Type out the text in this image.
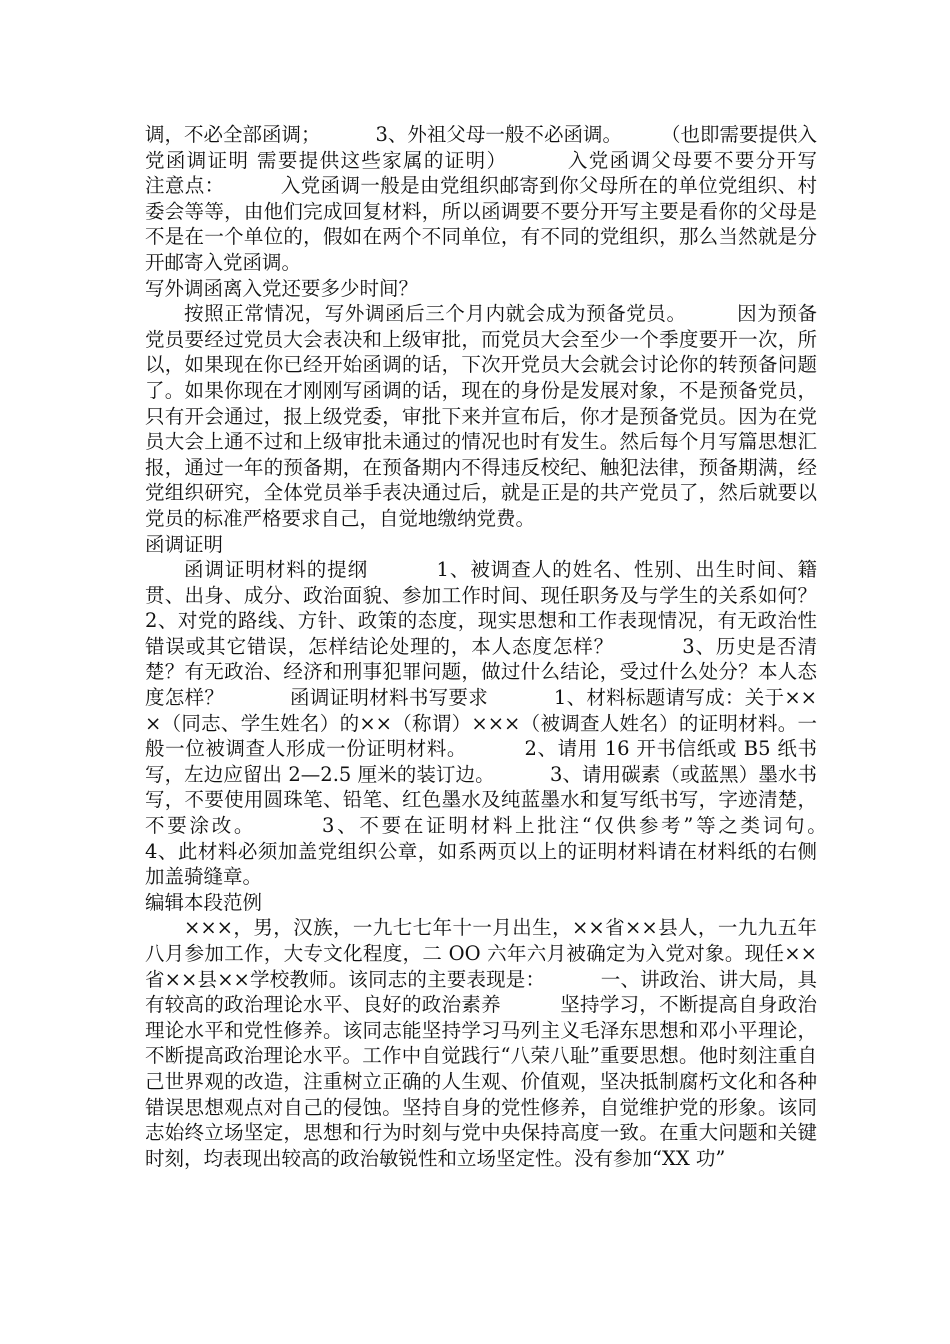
调，不必全部函调；　　　 3、外祖父母一般不必函调。　　　（也即需要提供入党函调证明 需要提供这些家属的证明）　　　 入党函调父母要不要分开写　　　注意点：　　　 入党函调一般是由党组织邮寄到你父母所在的单位党组织、村委会等等，由他们完成回复材料，所以函调要不要分开写主要是看你的父母是不是在一个单位的，假如在两个不同单位，有不同的党组织，那么当然就是分开邮寄入党函调。

写外调函离入党还要多少时间？

按照正常情况，写外调函后三个月内就会成为预备党员。　　　因为预备党员要经过党员大会表决和上级审批，而党员大会至少一个季度要开一次，所以，如果现在你已经开始函调的话，下次开党员大会就会讨论你的转预备问题了。如果你现在才刚刚写函调的话，现在的身份是发展对象，不是预备党员，只有开会通过，报上级党委，审批下来并宣布后，你才是预备党员。因为在党员大会上通不过和上级审批未通过的情况也时有发生。然后每个月写篇思想汇报，通过一年的预备期，在预备期内不得违反校纪、触犯法律，预备期满，经党组织研究，全体党员举手表决通过后，就是正是的共产党员了，然后就要以党员的标准严格要求自己，自觉地缴纳党费。

函调证明

函调证明材料的提纲　　　 1、被调查人的姓名、性别、出生时间、籍贯、出身、成分、政治面貌、参加工作时间、现任职务及与学生的关系如何？　　　 2、对党的路线、方针、政策的态度，现实思想和工作表现情况，有无政治性错误或其它错误，怎样结论处理的，本人态度怎样？　　　 3、历史是否清楚？有无政治、经济和刑事犯罪问题，做过什么结论，受过什么处分？本人态度怎样？　　　 函调证明材料书写要求　　　 1、材料标题请写成：关于×××（同志、学生姓名）的××（称谓）×××（被调查人姓名）的证明材料。一般一位被调查人形成一份证明材料。　　　 2、请用 16 开书信纸或 B5 纸书写，左边应留出 2—2.5 厘米的装订边。　　　 3、请用碳素（或蓝黑）墨水书写，不要使用圆珠笔、铅笔、红色墨水及纯蓝墨水和复写纸书写，字迹清楚，不要涂改。　　　 3、不要在证明材料上批注“仅供参考”等之类词句。　　　 4、此材料必须加盖党组织公章，如系两页以上的证明材料请在材料纸的右侧加盖骑缝章。

编辑本段范例

×××，男，汉族，一九七七年十一月出生，××省××县人，一九九五年八月参加工作，大专文化程度，二 OO 六年六月被确定为入党对象。现任××省××县××学校教师。该同志的主要表现是：　　　 一、讲政治、讲大局，具有较高的政治理论水平、良好的政治素养　　　坚持学习，不断提高自身政治理论水平和党性修养。该同志能坚持学习马列主义毛泽东思想和邓小平理论，不断提高政治理论水平。工作中自觉践行“八荣八耻”重要思想。他时刻注重自己世界观的改造，注重树立正确的人生观、价值观，坚决抵制腐朽文化和各种错误思想观点对自己的侵蚀。坚持自身的党性修养，自觉维护党的形象。该同志始终立场坚定，思想和行为时刻与党中央保持高度一致。在重大问题和关键时刻，均表现出较高的政治敏锐性和立场坚定性。没有参加“XX 功”
